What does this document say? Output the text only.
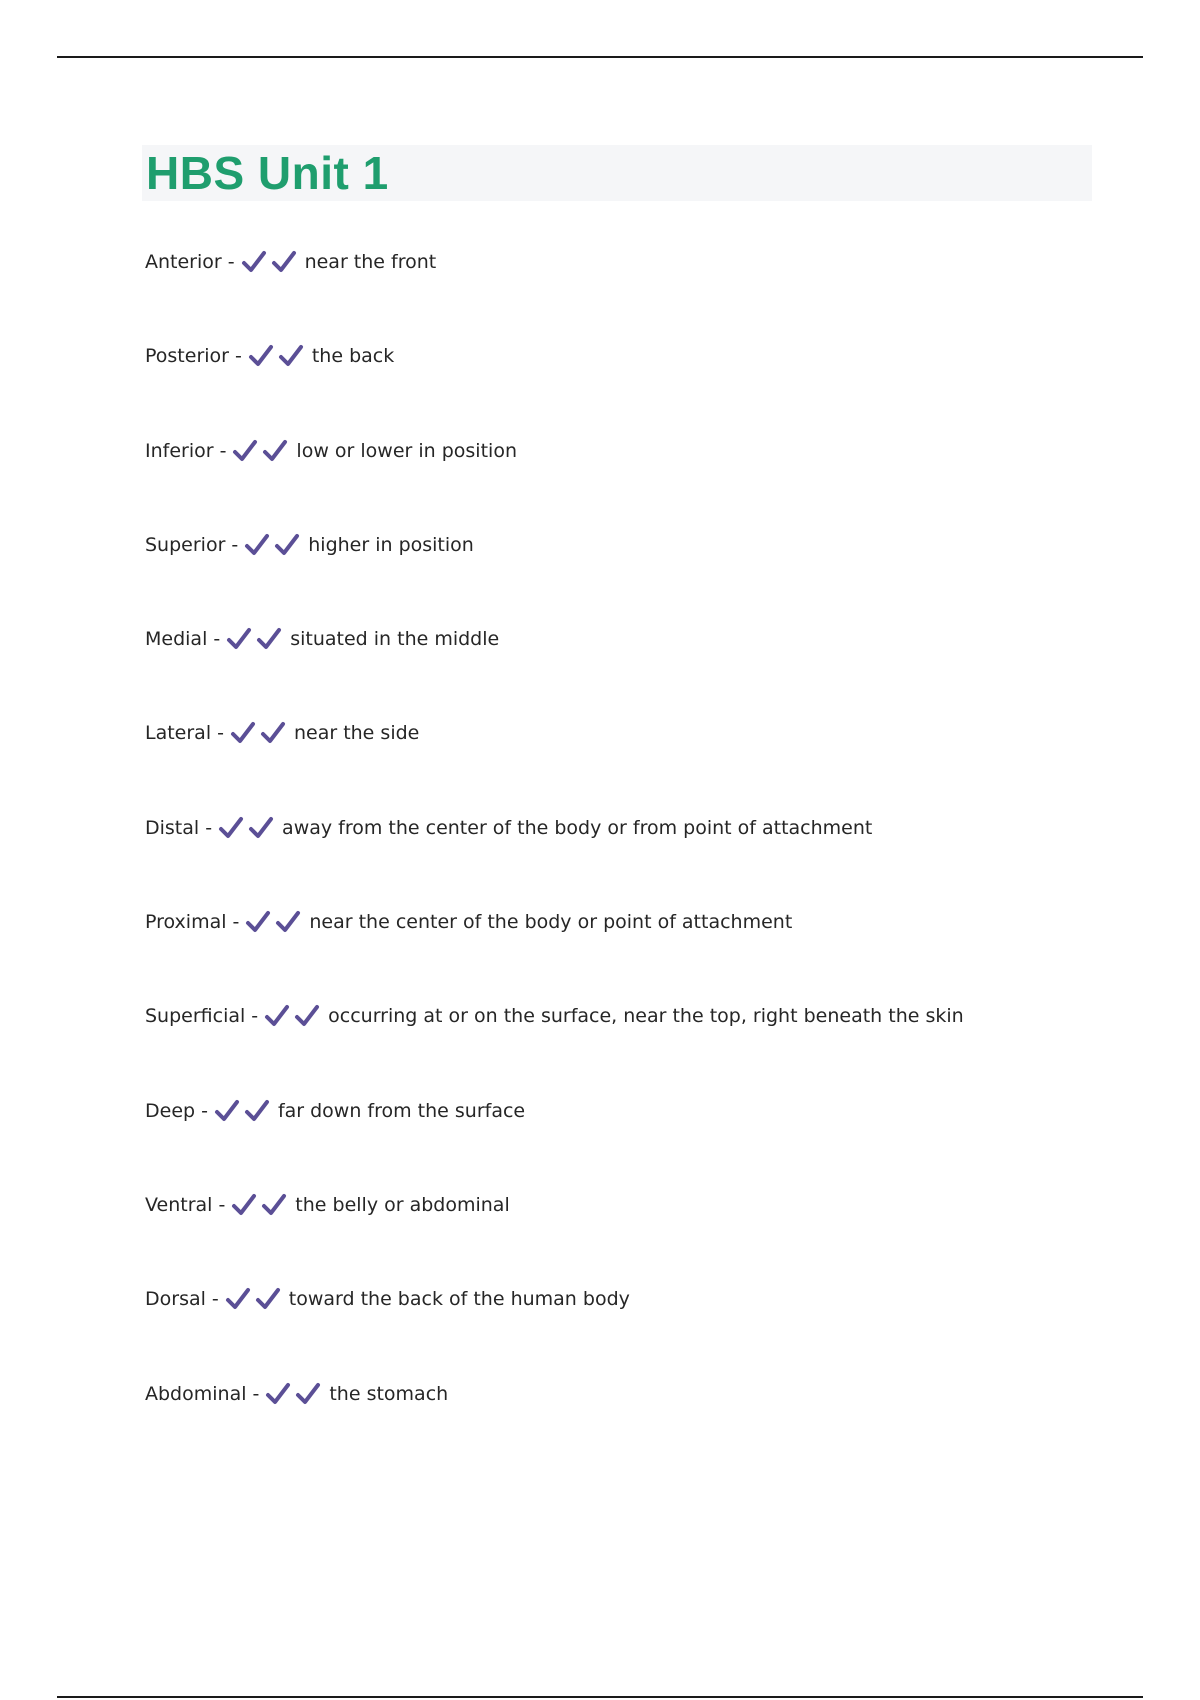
HBS Unit 1
Anterior -	near the front
Posterior -	the back
Inferior -	low or lower in position
Superior -	higher in position
Medial -	situated in the middle
Lateral -	near the side
Distal -	away from the center of the body or from point of attachment
Proximal -	near the center of the body or point of attachment
Superficial -	occurring at or on the surface, near the top, right beneath the skin
Deep -	far down from the surface
Ventral -	the belly or abdominal
Dorsal -	toward the back of the human body
Abdominal -	the stomach
